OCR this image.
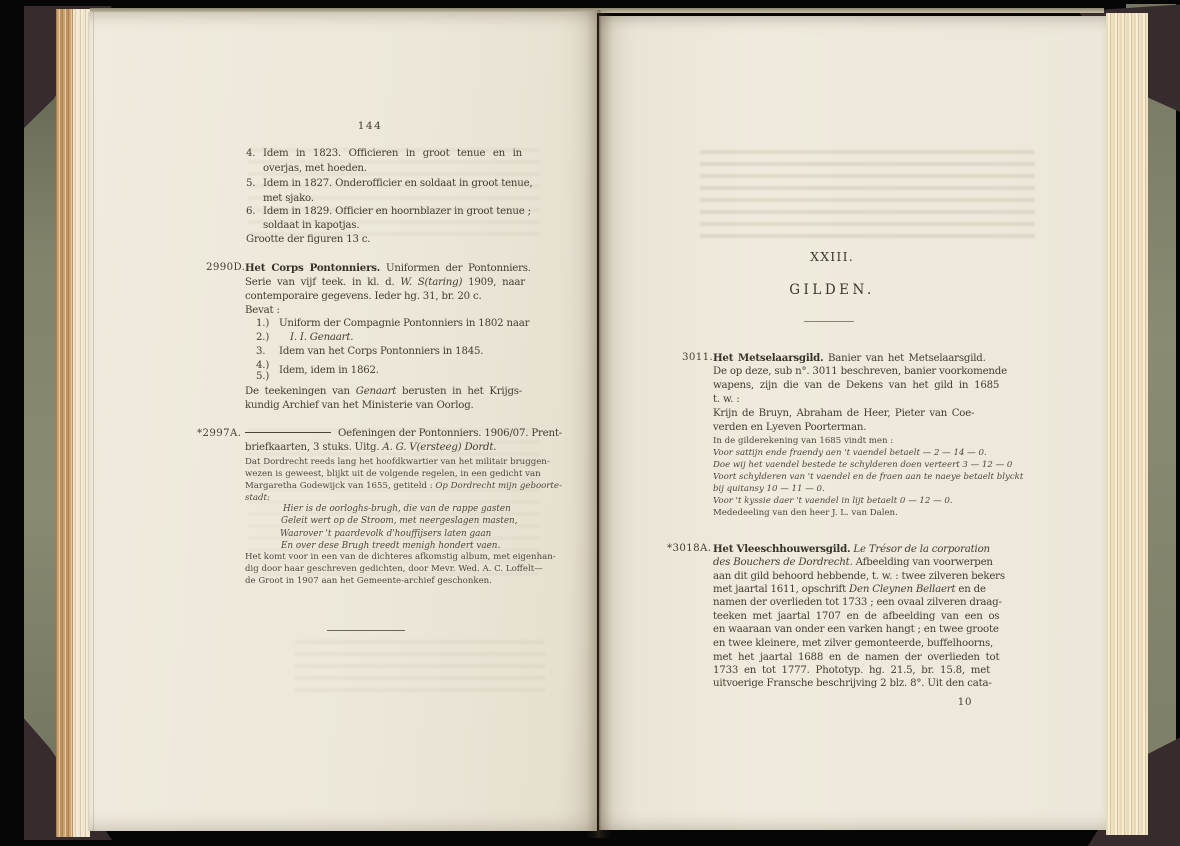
144
4. Idem in 1823. Officieren in groot tenue en in
overjas, met hoeden.
5. Idem in 1827. Onderofficier en soldaat in groot tenue,
met sjako.
6. Idem in 1829. Officier en hoornblazer in groot tenue ;
soldaat in kapotjas.
Grootte der figuren 13 c.
2990D. Het Corps Pontonniers. Uniformen der Pontonniers.
Serie van vijf teek. in kl. d. W. S(taring) 1909, naar
contemporaire gegevens. Ieder hg. 31, br. 20 c.
Bevat :
1.) Uniform der Compagnie Pontonniers in 1802 naar
2.) I. I. Genaart.
3. Idem van het Corps Pontonniers in 1845.
4.)
5.)
Idem, idem in 1862.
De teekeningen van Genaart berusten in het Krijgs-
kundig Archief van het Ministerie van Oorlog.
*2997A.	Oefeningen der Pontonniers. 1906/07. Prent-
briefkaarten, 3 stuks. Uitg. A. G. V(ersteeg) Dordt.
Dat Dordrecht reeds lang het hoofdkwartier van het militair bruggen-
wezen is geweest, blijkt uit de volgende regelen, in een gedicht van
Margaretha Godewijck van 1655, getiteld : Op Dordrecht mijn geboorte-
stadt:
Hier is de oorloghs-brugh, die van de rappe gasten
Geleit wert op de Stroom, met neergeslagen masten,
Waarover 't paardevolk d'houffijsers laten gaan
En over dese Brugh treedt menigh hondert vaen.
Het komt voor in een van de dichteres afkomstig album, met eigenhan-
dig door haar geschreven gedichten, door Mevr. Wed. A. C. Loffelt—
de Groot in 1907 aan het Gemeente-archief geschonken.
XXIII.
GILDEN.
3011. Het Metselaarsgild. Banier van het Metselaarsgild.
De op deze, sub n°. 3011 beschreven, banier voorkomende
wapens, zijn die van de Dekens van het gild in 1685
t. w. :
Krijn de Bruyn, Abraham de Heer, Pieter van Coe-
verden en Lyeven Poorterman.
In de gilderekening van 1685 vindt men :
Voor sattijn ende fraendy aen 't vaendel betaelt — 2 — 14 — 0.
Doe wij het vaendel bestede te schylderen doen verteert 3 — 12 — 0
Voort schylderen van 't vaendel en de fraen aan te naeye betaelt blyckt
bij quitansy 10 — 11 — 0.
Voor 't kyssie daer 't vaendel in lijt betaelt 0 — 12 — 0.
Mededeeling van den heer J. L. van Dalen.
*3018A. Het Vleeschhouwersgild. Le Trésor de la corporation
des Bouchers de Dordrecht. Afbeelding van voorwerpen
aan dit gild behoord hebbende, t. w. : twee zilveren bekers
met jaartal 1611, opschrift Den Cleynen Bellaert en de
namen der overlieden tot 1733 ; een ovaal zilveren draag-
teeken met jaartal 1707 en de afbeelding van een os
en waaraan van onder een varken hangt ; en twee groote
en twee kleinere, met zilver gemonteerde, buffelhoorns,
met het jaartal 1688 en de namen der overlieden tot
1733 en tot 1777. Phototyp. hg. 21.5, br. 15.8, met
uitvoerige Fransche beschrijving 2 blz. 8°. Uit den cata-
10
